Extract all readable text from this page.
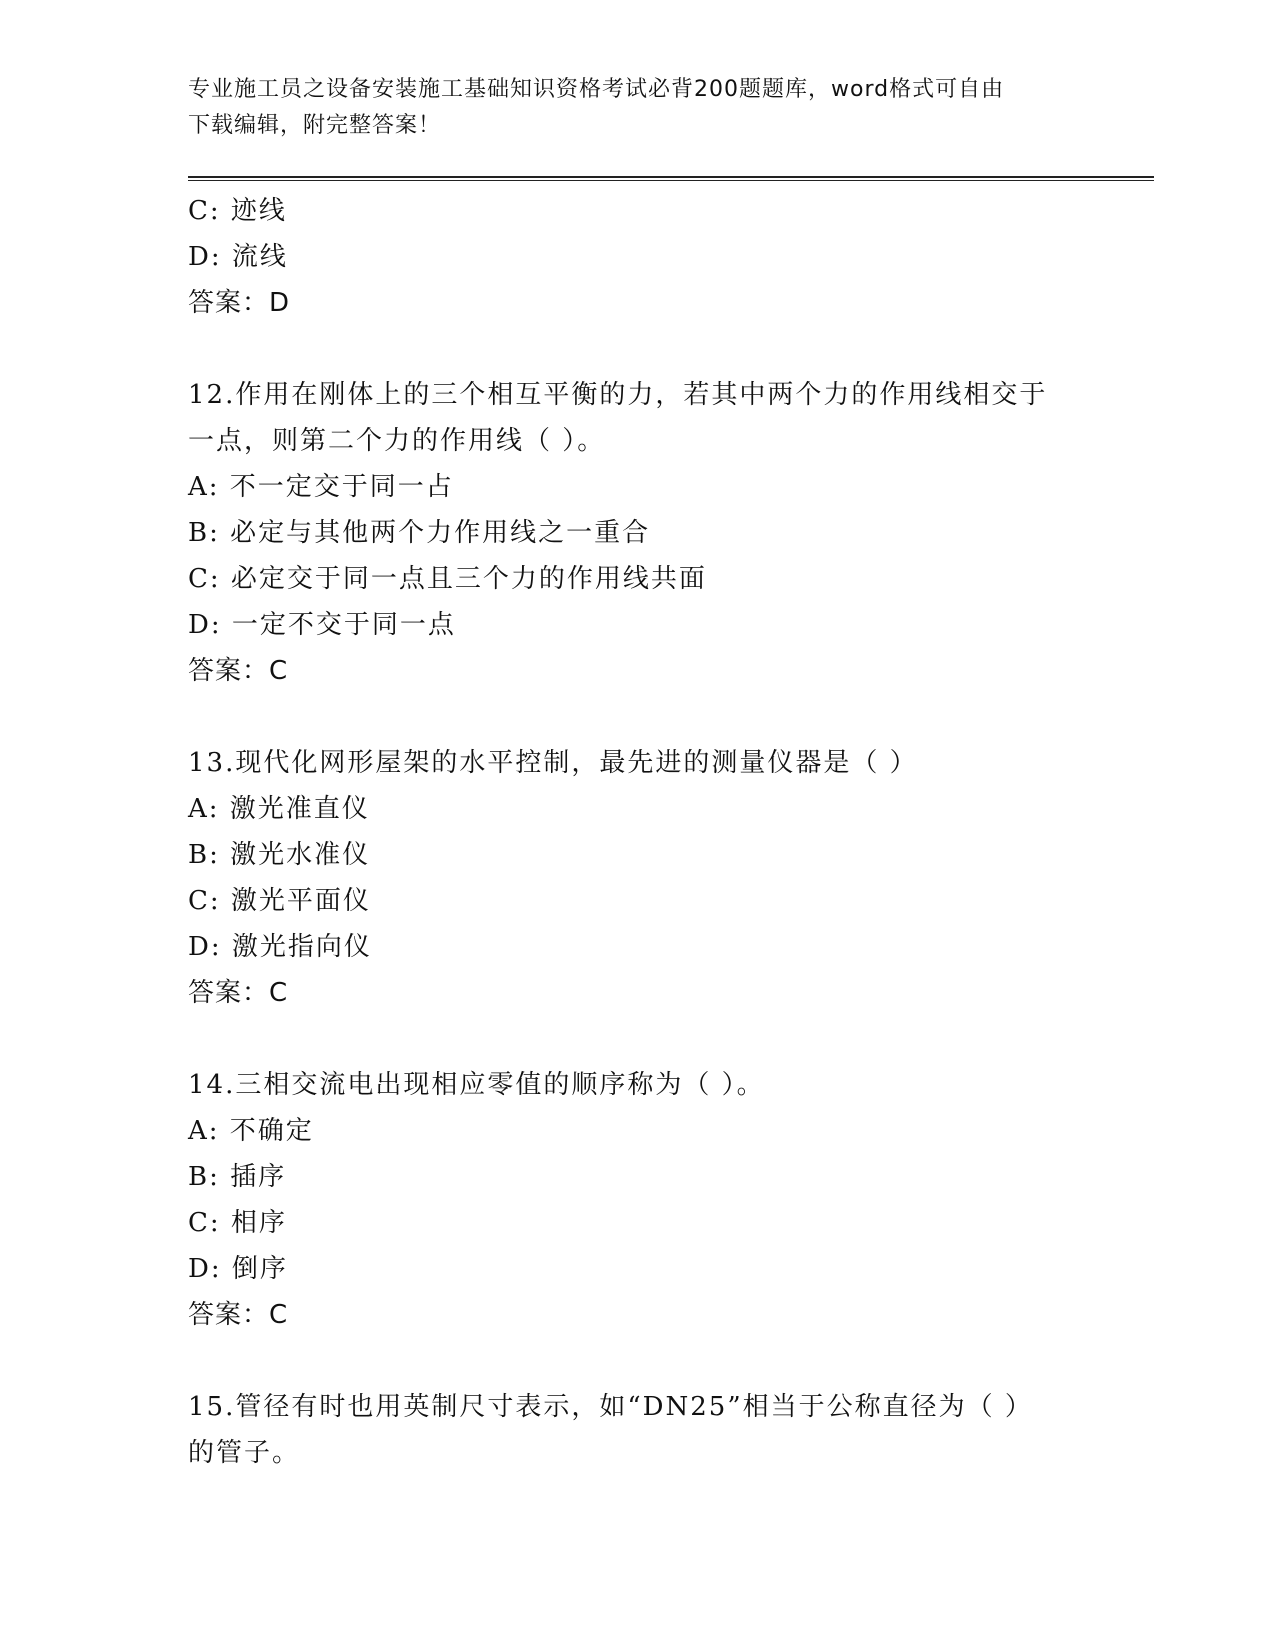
专业施工员之设备安装施工基础知识资格考试必背200题题库，word格式可自由
下载编辑，附完整答案！
C: 迹线
D: 流线
答案：D
12.作用在刚体上的三个相互平衡的力，若其中两个力的作用线相交于
一点，则第二个力的作用线（ ）。
A: 不一定交于同一占
B: 必定与其他两个力作用线之一重合
C: 必定交于同一点且三个力的作用线共面
D: 一定不交于同一点
答案：C
13.现代化网形屋架的水平控制，最先进的测量仪器是（ ）
A: 激光准直仪
B: 激光水准仪
C: 激光平面仪
D: 激光指向仪
答案：C
14.三相交流电出现相应零值的顺序称为（ ）。
A: 不确定
B: 插序
C: 相序
D: 倒序
答案：C
15.管径有时也用英制尺寸表示，如“DN25”相当于公称直径为（ ）
的管子。
